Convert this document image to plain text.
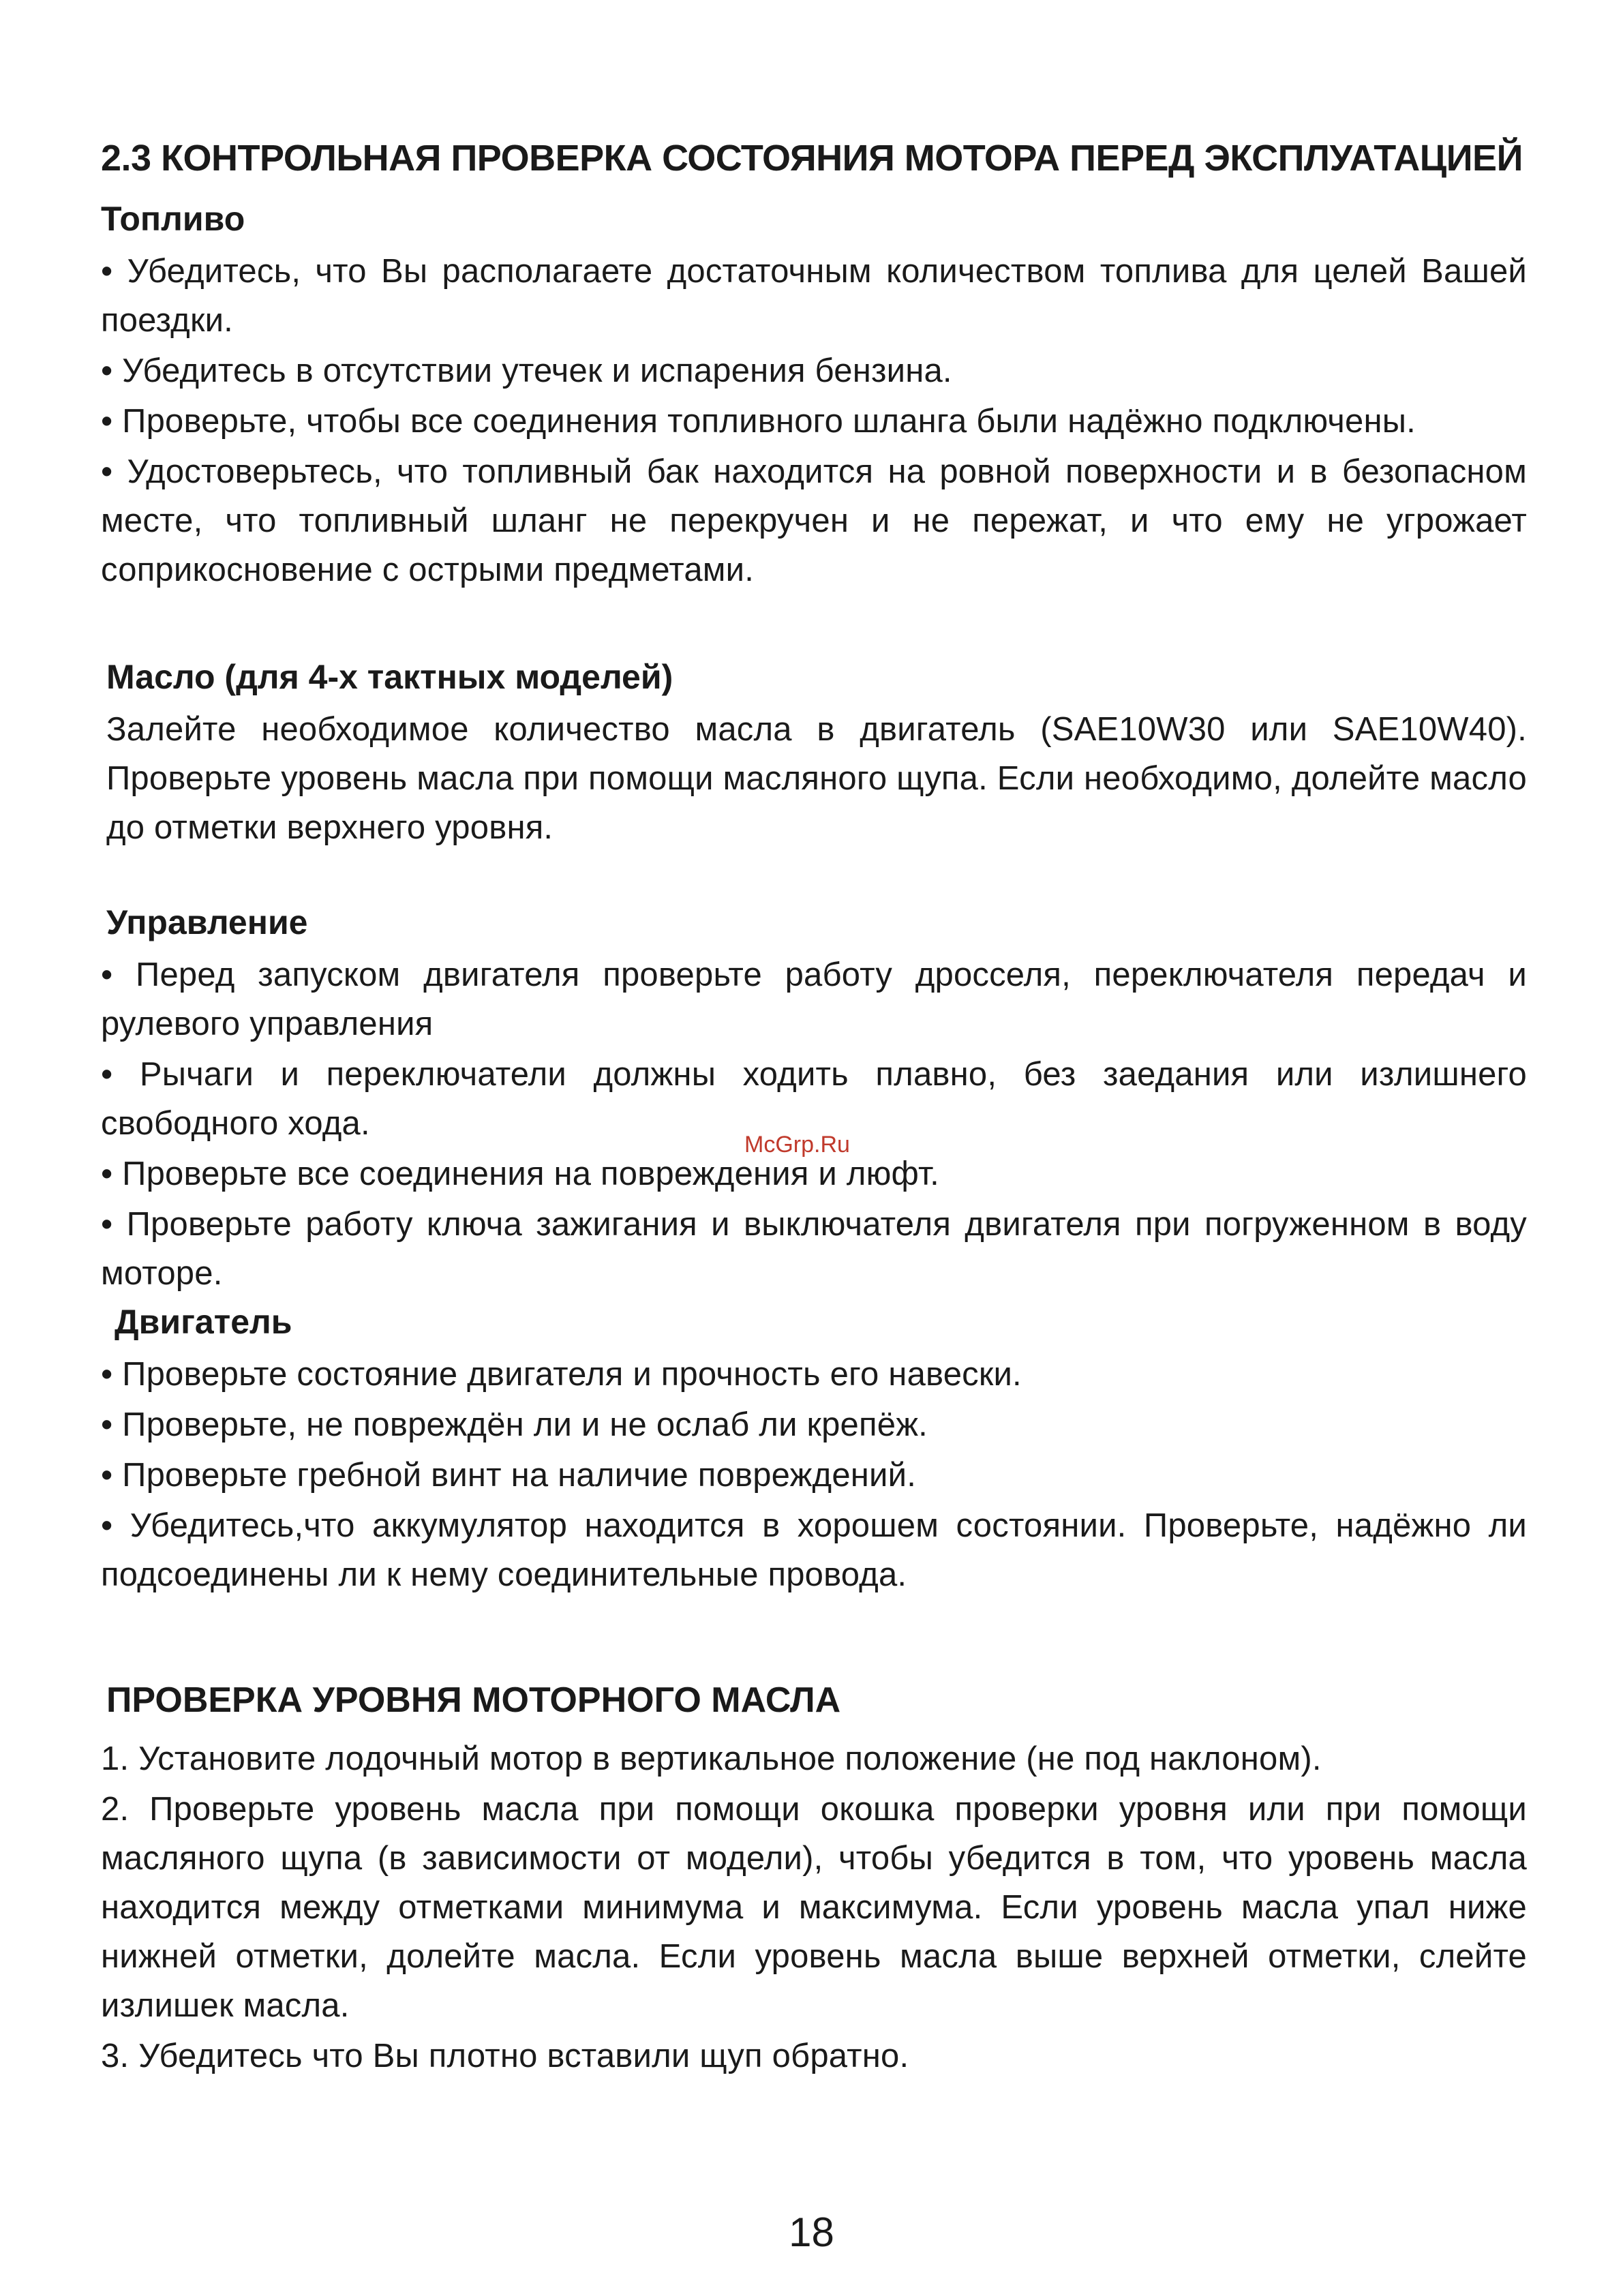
2.3 КОНТРОЛЬНАЯ ПРОВЕРКА СОСТОЯНИЯ МОТОРА ПЕРЕД ЭКСПЛУАТАЦИЕЙ
Топливо
• Убедитесь, что Вы располагаете достаточным количеством топлива для целей Вашей поездки.
• Убедитесь в отсутствии утечек и испарения бензина.
• Проверьте, чтобы все соединения топливного шланга были надёжно подключены.
• Удостоверьтесь, что топливный бак находится на ровной поверхности и в безопасном месте, что топливный шланг не перекручен и не пережат, и что ему не угрожает соприкосновение с острыми предметами.
Масло (для 4-х тактных моделей)
Залейте необходимое количество масла в двигатель (SAE10W30 или SAE10W40). Проверьте уровень масла при помощи масляного щупа. Если необходимо, долейте масло до отметки верхнего уровня.
Управление
• Перед запуском двигателя проверьте работу дросселя, переключателя передач и рулевого управления
• Рычаги и переключатели должны ходить плавно, без заедания или излишнего свободного хода.
• Проверьте все соединения на повреждения и люфт.
• Проверьте работу ключа зажигания и выключателя двигателя при погруженном в воду моторе.
Двигатель
• Проверьте состояние двигателя и прочность его навески.
• Проверьте, не повреждён ли и не ослаб ли крепёж.
• Проверьте гребной винт на наличие повреждений.
• Убедитесь,что аккумулятор находится в хорошем состоянии. Проверьте, надёжно ли подсоединены ли к нему соединительные провода.
ПРОВЕРКА УРОВНЯ МОТОРНОГО МАСЛА
1. Установите лодочный мотор в вертикальное положение (не под наклоном).
2. Проверьте уровень масла при помощи окошка проверки уровня или при помощи масляного щупа (в зависимости от модели), чтобы убедится в том, что уровень масла находится между отметками минимума и максимума. Если уровень масла упал ниже нижней отметки, долейте масла. Если уровень масла выше верхней отметки, слейте излишек масла.
3. Убедитесь что Вы плотно вставили щуп обратно.
McGrp.Ru
18
